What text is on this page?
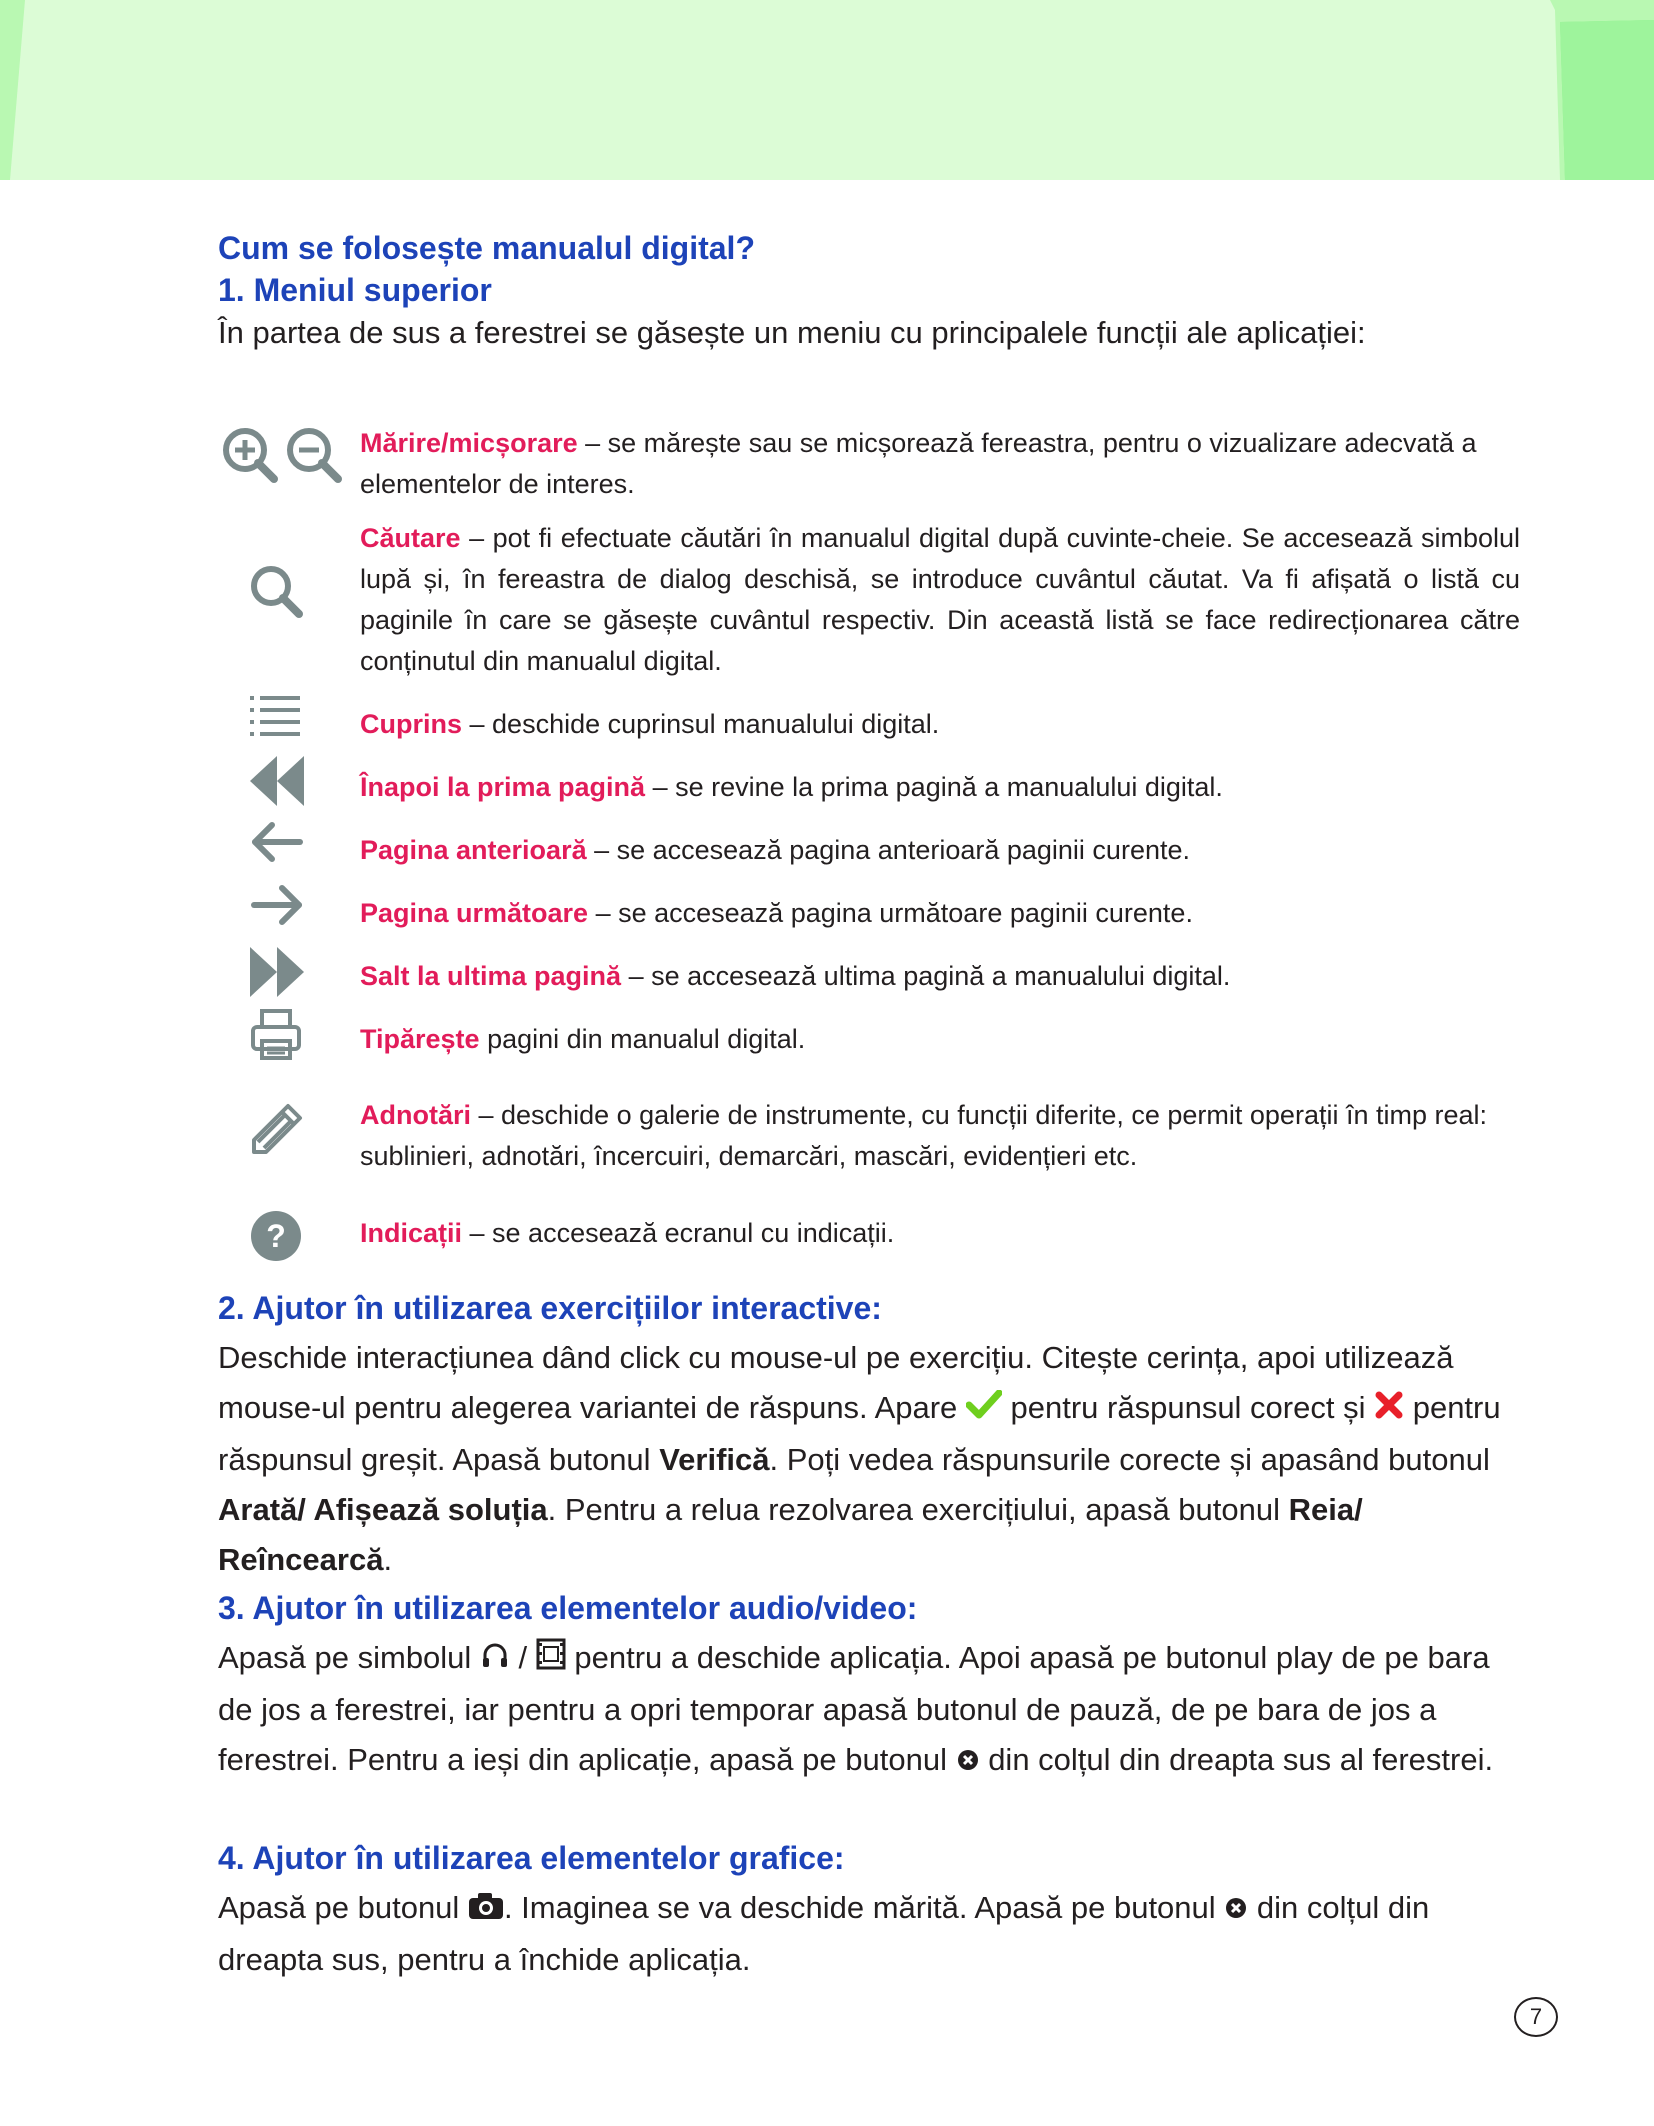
Cum se folosește manualul digital?
1. Meniul superior

În partea de sus a ferestrei se găsește un meniu cu principalele funcții ale aplicației:

?

Mărire/micșorare – se mărește sau se micșorează fereastra, pentru o vizualizare adecvată a elementelor de interes.

Căutare – pot fi efectuate căutări în manualul digital după cuvinte-cheie. Se accesează simbolul lupă și, în fereastra de dialog deschisă, se introduce cuvântul căutat. Va fi afișată o listă cu paginile în care se găsește cuvântul respectiv. Din această listă se face redirecționarea către conținutul din manualul digital.

Cuprins – deschide cuprinsul manualului digital.

Înapoi la prima pagină – se revine la prima pagină a manualului digital.

Pagina anterioară – se accesează pagina anterioară paginii curente.

Pagina următoare – se accesează pagina următoare paginii curente.

Salt la ultima pagină – se accesează ultima pagină a manualului digital.

Tipărește pagini din manualul digital.

Adnotări – deschide o galerie de instrumente, cu funcții diferite, ce permit operații în timp real: sublinieri, adnotări, încercuiri, demarcări, mascări, evidențieri etc.

Indicații – se accesează ecranul cu indicații.

2. Ajutor în utilizarea exercițiilor interactive:

Deschide interacțiunea dând click cu mouse-ul pe exercițiu. Citește cerința, apoi utilizează mouse-ul pentru alegerea variantei de răspuns. Apare  pentru răspunsul corect și  pentru răspunsul greșit. Apasă butonul Verifică. Poți vedea răspunsurile corecte și apasând butonul Arată/ Afișează soluția. Pentru a relua rezolvarea exercițiului, apasă butonul Reia/ Reîncearcă.

3. Ajutor în utilizarea elementelor audio/video:

Apasă pe simbolul  /  pentru a deschide aplicația. Apoi apasă pe butonul play de pe bara de jos a ferestrei, iar pentru a opri temporar apasă butonul de pauză, de pe bara de jos a ferestrei. Pentru a ieși din aplicație, apasă pe butonul  din colțul din dreapta sus al ferestrei.

4. Ajutor în utilizarea elementelor grafice:

Apasă pe butonul . Imaginea se va deschide mărită. Apasă pe butonul  din colțul din dreapta sus, pentru a închide aplicația.

7
